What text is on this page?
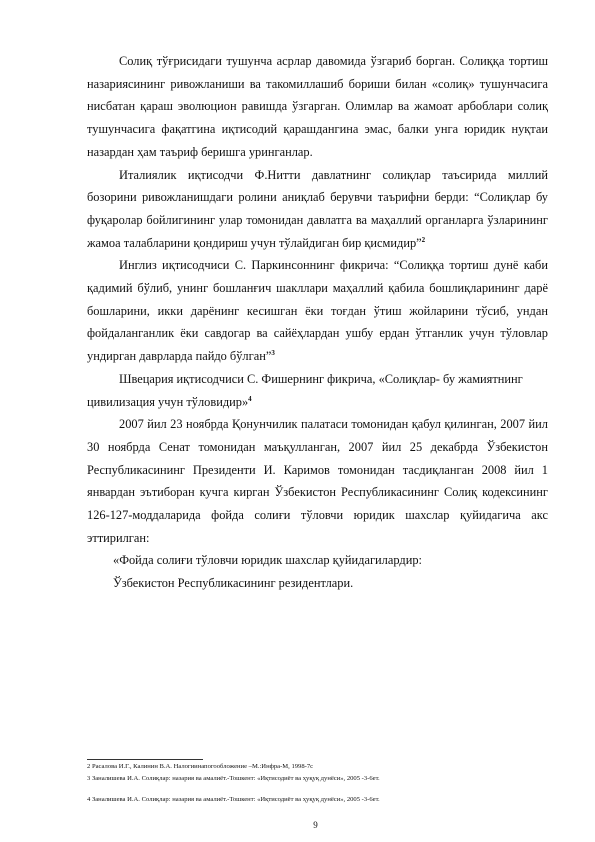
Солиқ тўғрисидаги тушунча асрлар давомида ўзгариб борган. Солиққа тортиш назариясининг ривожланиши ва такомиллашиб бориши билан «солиқ» тушунчасига нисбатан қараш эволюцион равишда ўзгарган. Олимлар ва жамоат арбоблари солиқ тушунчасига фақатгина иқтисодий қарашдангина эмас, балки унга юридик нуқтаи назардан ҳам таъриф беришга уринганлар.

Италиялик иқтисодчи Ф.Нитти давлатнинг солиқлар таъсирида миллий бозорини ривожланишдаги ролини аниқлаб берувчи таърифни берди: “Солиқлар бу фуқаролар бойлигининг улар томонидан давлатга ва маҳаллий органларга ўзларининг жамоа талабларини қондириш учун тўлайдиган бир қисмидир”$^2$

Инглиз иқтисодчиси С. Паркинсоннинг фикрича: “Солиққа тортиш дунё каби қадимий бўлиб, унинг бошланғич шакллари маҳаллий қабила бошлиқларининг дарё бошларини, икки дарёнинг кесишган ёки тоғдан ўтиш жойларини тўсиб, ундан фойдаланганлик ёки савдогар ва сайёҳлардан ушбу ердан ўтганлик учун тўловлар ундирган даврларда пайдо бўлган”$^3$

Швецария иқтисодчиси С. Фишернинг фикрича, «Солиқлар- бу жамиятнинг цивилизация учун тўловидир»$^4$

2007 йил 23 ноябрда Қонунчилик палатаси томонидан қабул қилинган, 2007 йил 30 ноябрда Сенат томонидан маъқулланган, 2007 йил 25 декабрда Ўзбекистон Республикасининг Президенти И. Каримов томонидан тасдиқланган 2008 йил 1 январдан эътиборан кучга кирган Ўзбекистон Республикасининг Солиқ кодексининг 126-127-моддаларида фойда солиғи тўловчи юридик шахслар қуйидагича акс эттирилган:

«Фойда солиғи тўловчи юридик шахслар қуйидагилардир:

Ўзбекистон Республикасининг резидентлари.

2 Расалова И.Г., Калинин В.А. Налогиинапогообложение –М.:Инфра-М, 1998-7с
3 Заналишева И.А. Солиқлар: назария ва амалиёт.-Тошкент: «Иқтисодиёт ва ҳуқуқ дунёси», 2005 -3-6ет.
4 Заналишева И.А. Солиқлар: назария ва амалиёт.-Тошкент: «Иқтисодиёт ва ҳуқуқ дунёси», 2005 -3-6ет.
9
